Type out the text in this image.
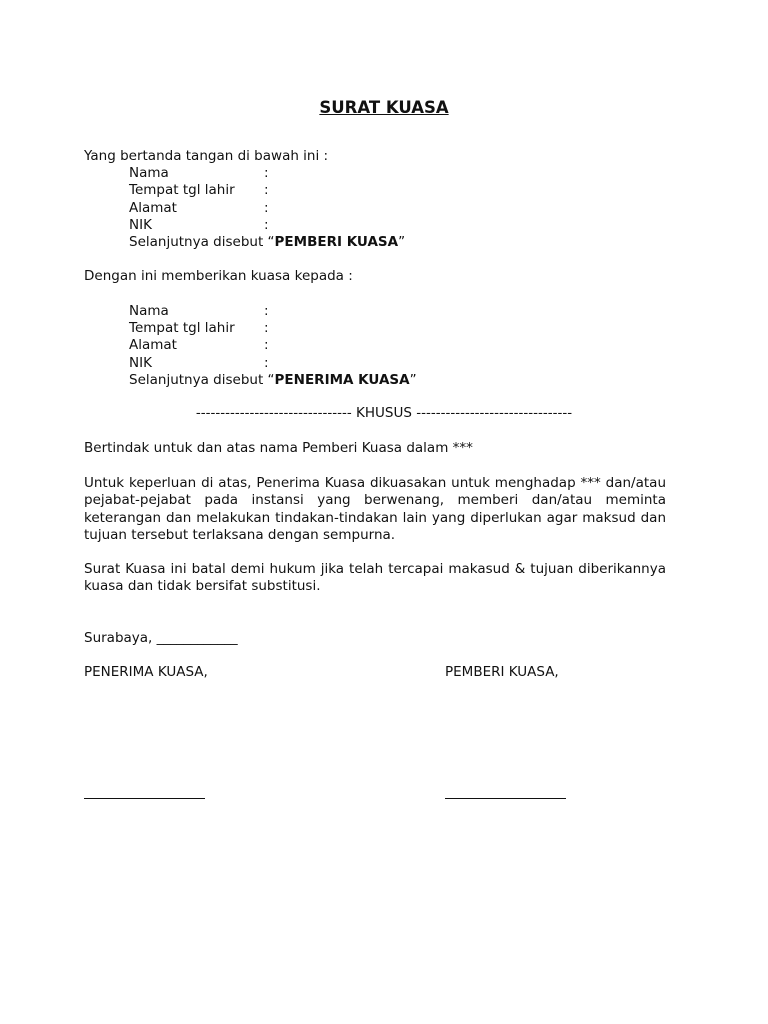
SURAT KUASA
Yang bertanda tangan di bawah ini :
Nama	:
Tempat tgl lahir :
Alamat	:
NIK	:
Selanjutnya disebut “PEMBERI KUASA”
Dengan ini memberikan kuasa kepada :
Nama	:
Tempat tgl lahir :
Alamat	:
NIK	:
Selanjutnya disebut “PENERIMA KUASA”
-------------------------------- KHUSUS --------------------------------
Bertindak untuk dan atas nama Pemberi Kuasa dalam ***
Untuk keperluan di atas, Penerima Kuasa dikuasakan untuk menghadap *** dan/atau pejabat-pejabat pada instansi yang berwenang, memberi dan/atau meminta keterangan dan melakukan tindakan-tindakan lain yang diperlukan agar maksud dan tujuan tersebut terlaksana dengan sempurna.
Surat Kuasa ini batal demi hukum jika telah tercapai makasud & tujuan diberikannya kuasa dan tidak bersifat substitusi.
Surabaya, ____________
PENERIMA KUASA,	PEMBERI KUASA,
